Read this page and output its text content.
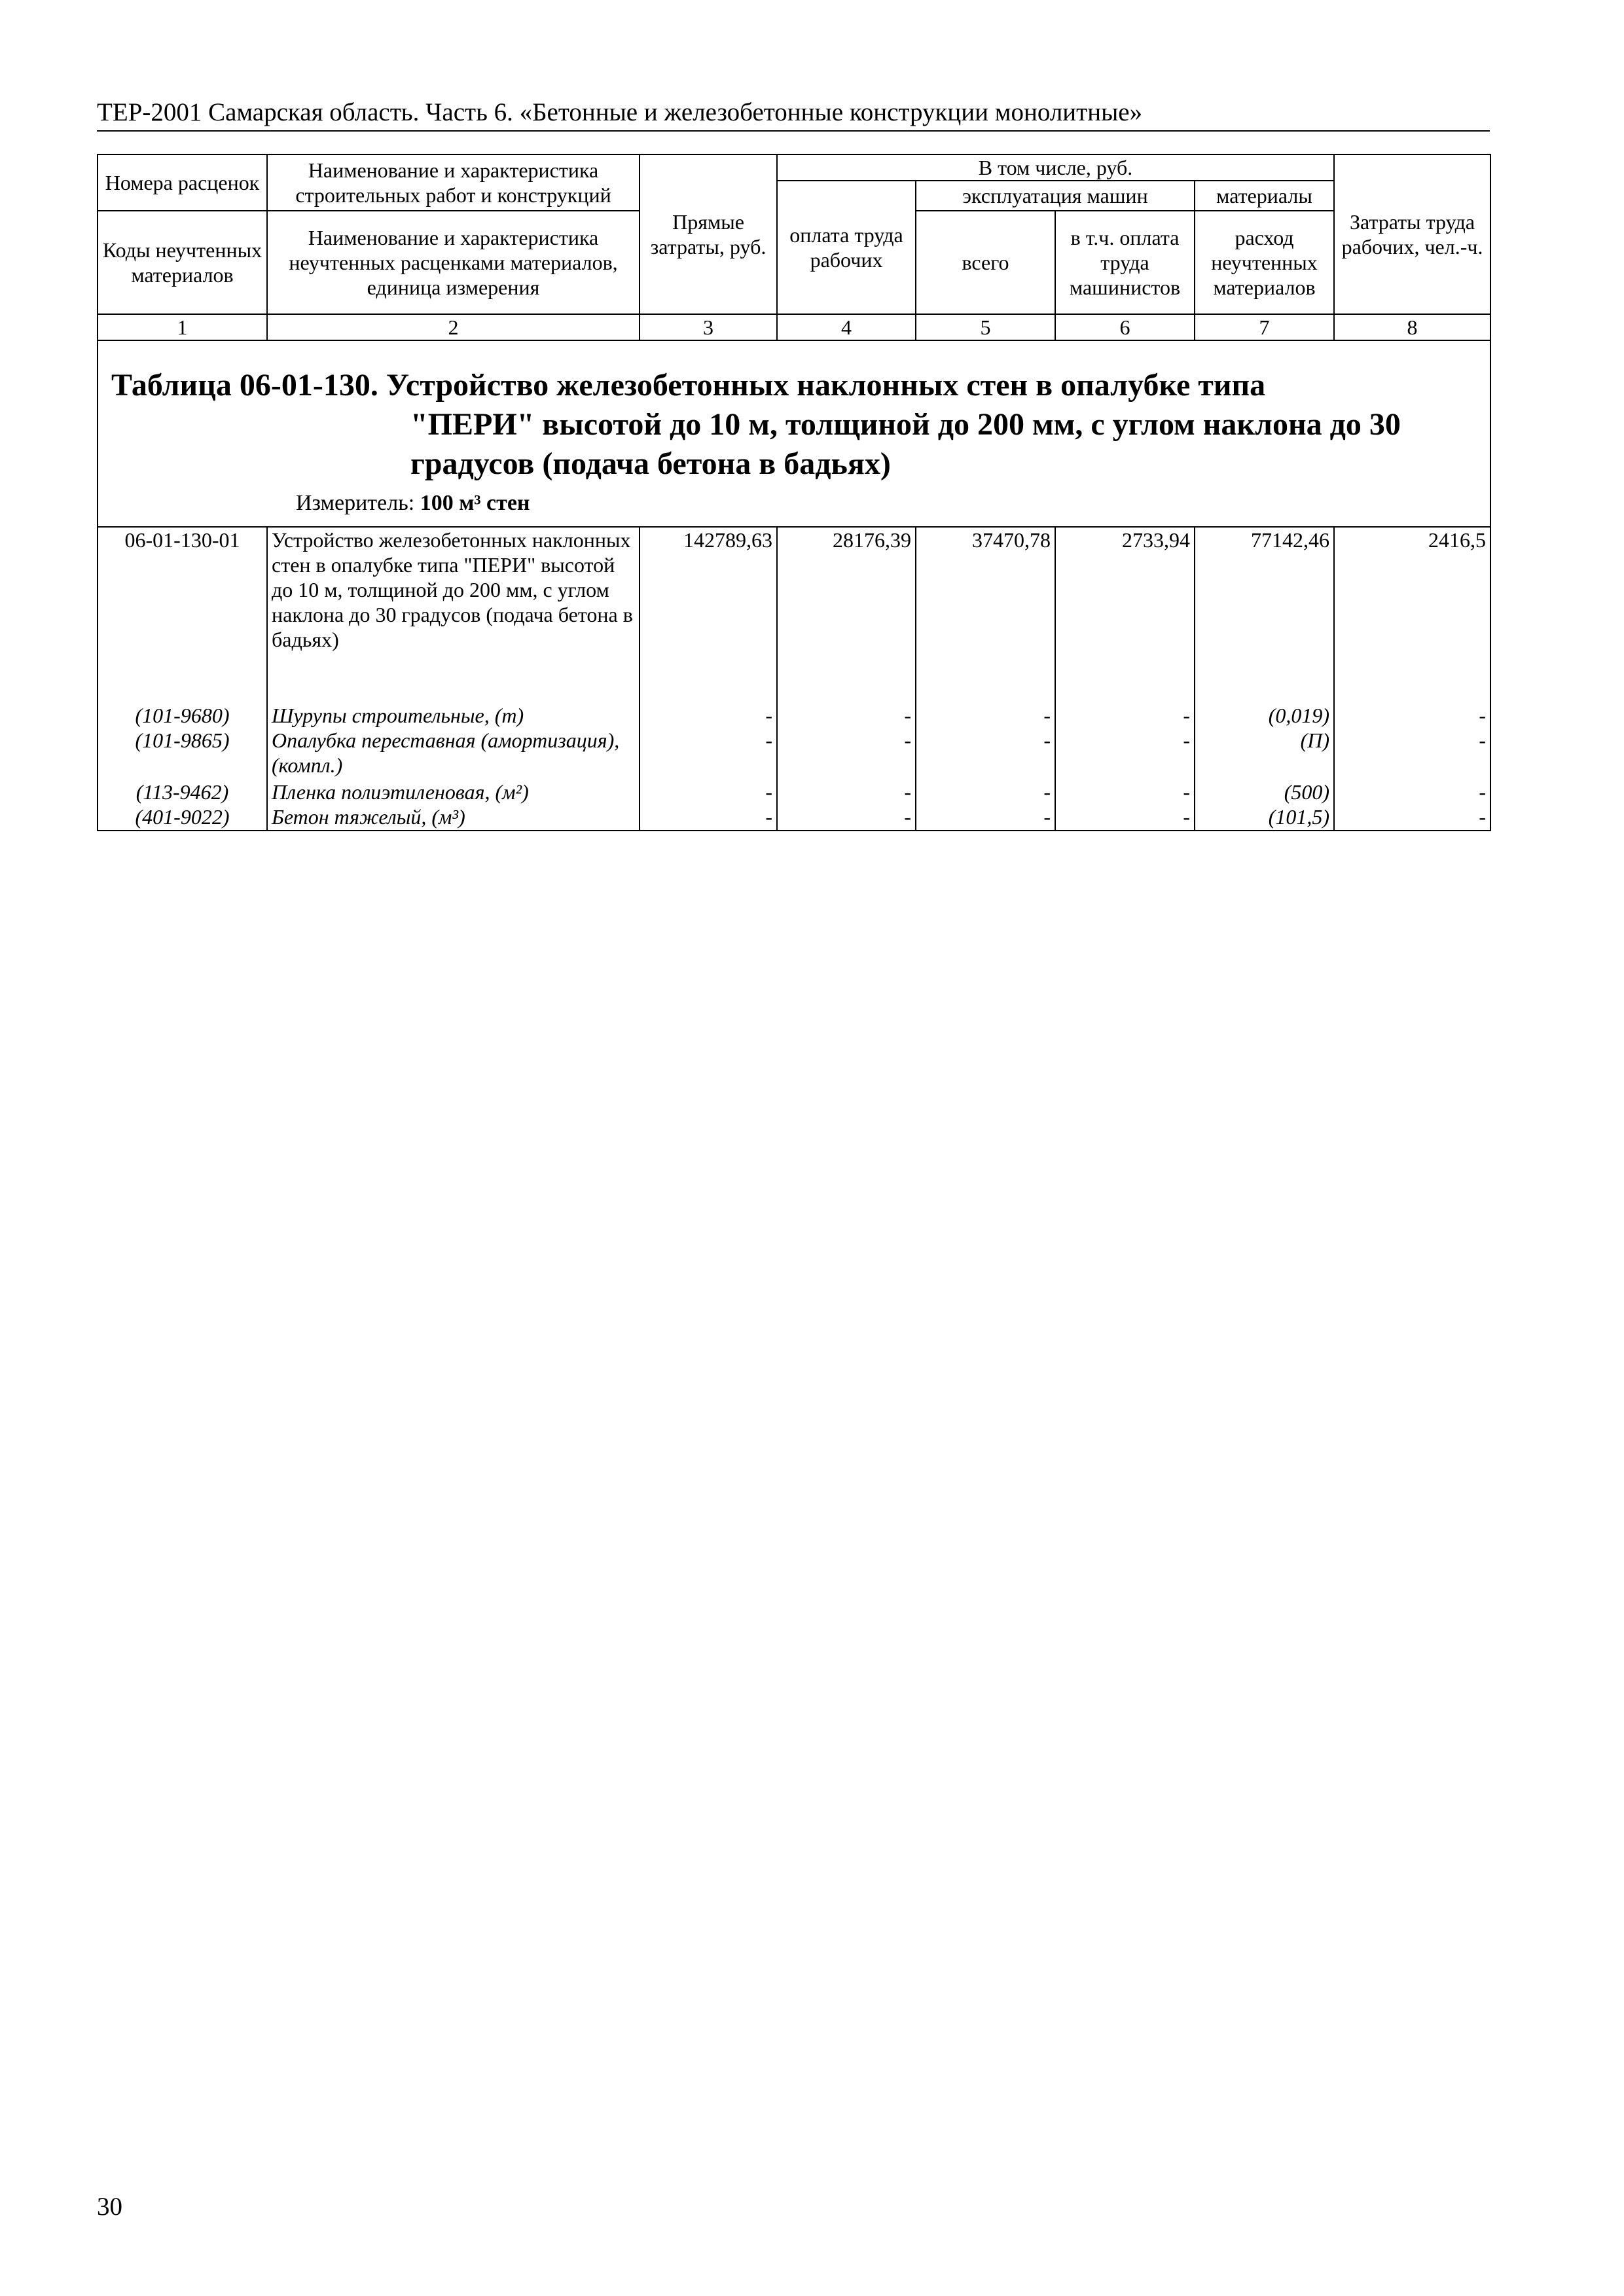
ТЕР-2001 Самарская область. Часть 6. «Бетонные и железобетонные конструкции монолитные»
Номера расценок	Наименование и характеристика строительных работ и конструкций	Прямые затраты, руб.	В том числе, руб.				Затраты труда рабочих, чел.-ч.
			оплата труда рабочих	эксплуатация машин		материалы	
Коды неучтенных материалов	Наименование и характеристика неучтенных расценками материалов, единица измерения			всего	в т.ч. оплата труда машинистов	расход неучтенных материалов	
1	2	3	4	5	6	7	8

Таблица 06-01-130. Устройство железобетонных наклонных стен в опалубке типа
"ПЕРИ" высотой до 10 м, толщиной до 200 мм, с углом наклона до 30
градусов (подача бетона в бадьях)
Измеритель: 100 м³ стен							

06-01-130-01	Устройство железобетонных наклонных стен в опалубке типа "ПЕРИ" высотой до 10 м, толщиной до 200 мм, с углом наклона до 30 градусов (подача бетона в бадьях)	142789,63	28176,39	37470,78	2733,94	77142,46	2416,5
(101-9680)	Шурупы строительные, (т)	-	-	-	-	(0,019)	-
(101-9865)	Опалубка переставная (амортизация), (компл.)	-	-	-	-	(П)	-
(113-9462)	Пленка полиэтиленовая, (м²)	-	-	-	-	(500)	-
(401-9022)	Бетон тяжелый, (м³)	-	-	-	-	(101,5)	-
30
